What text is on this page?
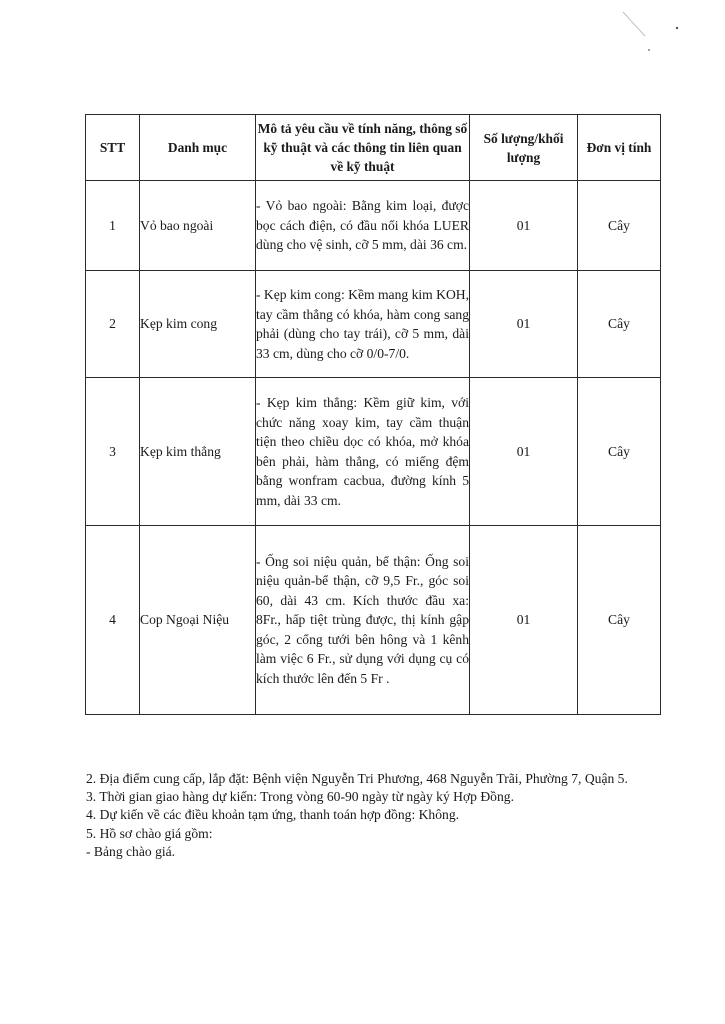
STT	Danh mục	Mô tả yêu cầu về tính năng, thông số kỹ thuật và các thông tin liên quan về kỹ thuật	Số lượng/khối lượng	Đơn vị tính
1	Vỏ bao ngoài	- Vỏ bao ngoài: Bằng kim loại, được bọc cách điện, có đầu nối khóa LUER dùng cho vệ sinh, cỡ 5 mm, dài 36 cm.	01	Cây
2	Kẹp kim cong	- Kẹp kim cong: Kềm mang kim KOH, tay cầm thẳng có khóa, hàm cong sang phải (dùng cho tay trái), cỡ 5 mm, dài 33 cm, dùng cho cỡ 0/0-7/0.	01	Cây
3	Kẹp kim thẳng	- Kẹp kim thẳng: Kềm giữ kim, với chức năng xoay kim, tay cầm thuận tiện theo chiều dọc có khóa, mở khóa bên phải, hàm thẳng, có miếng đệm bằng wonfram cacbua, đường kính 5 mm, dài 33 cm.	01	Cây
4	Cop Ngoại Niệu	- Ống soi niệu quản, bể thận: Ống soi niệu quản-bể thận, cỡ 9,5 Fr., góc soi 60, dài 43 cm. Kích thước đầu xa: 8Fr., hấp tiệt trùng được, thị kính gập góc, 2 cổng tưới bên hông và 1 kênh làm việc 6 Fr., sử dụng với dụng cụ có kích thước lên đến 5 Fr .	01	Cây

2. Địa điểm cung cấp, lắp đặt: Bệnh viện Nguyễn Tri Phương, 468 Nguyễn Trãi, Phường 7, Quận 5.

3. Thời gian giao hàng dự kiến: Trong vòng 60-90 ngày từ ngày ký Hợp Đồng.

4. Dự kiến về các điều khoản tạm ứng, thanh toán hợp đồng: Không.

5. Hồ sơ chào giá gồm:

- Bảng chào giá.
